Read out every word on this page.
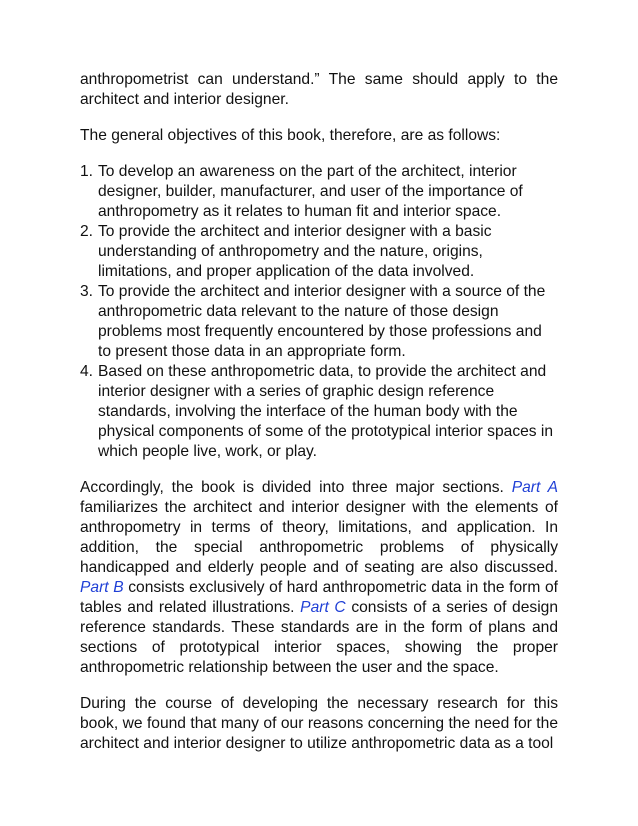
anthropometrist can understand.” The same should apply to the architect and interior designer.

The general objectives of this book, therefore, are as follows:

1. To develop an awareness on the part of the architect, interior designer, builder, manufacturer, and user of the importance of anthropometry as it relates to human fit and interior space.
2. To provide the architect and interior designer with a basic understanding of anthropometry and the nature, origins, limitations, and proper application of the data involved.
3. To provide the architect and interior designer with a source of the anthropometric data relevant to the nature of those design problems most frequently encountered by those professions and to present those data in an appropriate form.
4. Based on these anthropometric data, to provide the architect and interior designer with a series of graphic design reference standards, involving the interface of the human body with the physical components of some of the prototypical interior spaces in which people live, work, or play.

Accordingly, the book is divided into three major sections. Part A familiarizes the architect and interior designer with the elements of anthropometry in terms of theory, limitations, and application. In addition, the special anthropometric problems of physically handicapped and elderly people and of seating are also discussed. Part B consists exclusively of hard anthropometric data in the form of tables and related illustrations. Part C consists of a series of design reference standards. These standards are in the form of plans and sections of prototypical interior spaces, showing the proper anthropometric relationship between the user and the space.

During the course of developing the necessary research for this book, we found that many of our reasons concerning the need for the architect and interior designer to utilize anthropometric data as a tool
